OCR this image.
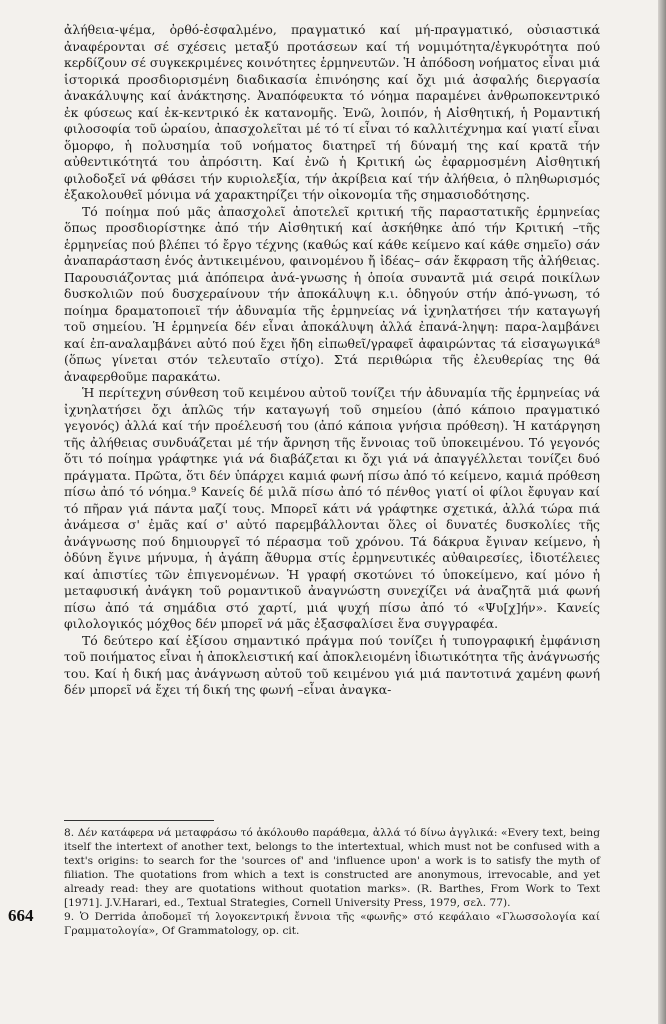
ἀλήθεια-ψέμα, ὀρθό-ἐσφαλμένο, πραγματικό καί μή-πραγματικό, οὐσιαστικά ἀναφέρονται σέ σχέσεις μεταξύ προτάσεων καί τή νομιμότητα/ἐγκυρότητα πού κερδίζουν σέ συγκεκριμένες κοινότητες ἑρμηνευτῶν. Ἡ ἀπόδοση νοήματος εἶναι μιά ἱστορικά προσδιορισμένη διαδικασία ἐπινόησης καί ὄχι μιά ἀσφαλής διεργασία ἀνακάλυψης καί ἀνάκτησης. Ἀναπόφευκτα τό νόημα παραμένει ἀνθρωποκεντρικό ἐκ φύσεως καί ἐκ-κεντρικό ἐκ κατανομῆς. Ἐνῶ, λοιπόν, ἡ Αἰσθητική, ἡ Ρομαντική φιλοσοφία τοῦ ὡραίου, ἀπασχολεῖται μέ τό τί εἶναι τό καλλιτέχνημα καί γιατί εἶναι ὅμορφο, ἡ πολυσημία τοῦ νοήματος διατηρεῖ τή δύναμή της καί κρατᾶ τήν αὐθεντικότητά του ἀπρόσιτη. Καί ἐνῶ ἡ Κριτική ὡς ἐφαρμοσμένη Αἰσθητική φιλοδοξεῖ νά φθάσει τήν κυριολεξία, τήν ἀκρίβεια καί τήν ἀλήθεια, ὁ πληθωρισμός ἐξακολουθεῖ μόνιμα νά χαρακτηρίζει τήν οἰκονομία τῆς σημασιοδότησης.

Τό ποίημα πού μᾶς ἀπασχολεῖ ἀποτελεῖ κριτική τῆς παραστατικῆς ἑρμηνείας ὅπως προσδιορίστηκε ἀπό τήν Αἰσθητική καί ἀσκήθηκε ἀπό τήν Κριτική –τῆς ἑρμηνείας πού βλέπει τό ἔργο τέχνης (καθώς καί κάθε κείμενο καί κάθε σημεῖο) σάν ἀναπαράσταση ἑνός ἀντικειμένου, φαινομένου ἤ ἰδέας– σάν ἔκφραση τῆς ἀλήθειας. Παρουσιάζοντας μιά ἀπόπειρα ἀνά-γνωσης ἡ ὁποία συναντᾶ μιά σειρά ποικίλων δυσκολιῶν πού δυσχεραίνουν τήν ἀποκάλυψη κ.ι. ὁδηγούν στήν ἀπό-γνωση, τό ποίημα δραματοποιεῖ τήν ἀδυναμία τῆς ἑρμηνείας νά ἰχνηλατήσει τήν καταγωγή τοῦ σημείου. Ἡ ἑρμηνεία δέν εἶναι ἀποκάλυψη ἀλλά ἐπανά-ληψη: παρα-λαμβάνει καί ἐπ-αναλαμβάνει αὐτό πού ἔχει ἤδη εἰπωθεῖ/γραφεῖ ἀφαιρώντας τά εἰσαγωγικά⁸ (ὅπως γίνεται στόν τελευταῖο στίχο). Στά περιθώρια τῆς ἐλευθερίας της θά ἀναφερθοῦμε παρακάτω.

Ἡ περίτεχνη σύνθεση τοῦ κειμένου αὐτοῦ τονίζει τήν ἀδυναμία τῆς ἑρμηνείας νά ἰχνηλατήσει ὄχι ἁπλῶς τήν καταγωγή τοῦ σημείου (ἀπό κάποιο πραγματικό γεγονός) ἀλλά καί τήν προέλευσή του (ἀπό κάποια γνήσια πρόθεση). Ἡ κατάργηση τῆς ἀλήθειας συνδυάζεται μέ τήν ἄρνηση τῆς ἔννοιας τοῦ ὑποκειμένου. Τό γεγονός ὅτι τό ποίημα γράφτηκε γιά νά διαβάζεται κι ὄχι γιά νά ἀπαγγέλλεται τονίζει δυό πράγματα. Πρῶτα, ὅτι δέν ὑπάρχει καμιά φωνή πίσω ἀπό τό κείμενο, καμιά πρόθεση πίσω ἀπό τό νόημα.⁹ Κανείς δέ μιλᾶ πίσω ἀπό τό πένθος γιατί οἱ φίλοι ἔφυγαν καί τό πῆραν γιά πάντα μαζί τους. Μπορεῖ κάτι νά γράφτηκε σχετικά, ἀλλά τώρα πιά ἀνάμεσα σ' ἐμᾶς καί σ' αὐτό παρεμβάλλονται ὅλες οἱ δυνατές δυσκολίες τῆς ἀνάγνωσης πού δημιουργεῖ τό πέρασμα τοῦ χρόνου. Τά δάκρυα ἔγιναν κείμενο, ἡ ὀδύνη ἔγινε μήνυμα, ἡ ἀγάπη ἄθυρμα στίς ἑρμηνευτικές αὐθαιρεσίες, ἰδιοτέλειες καί ἀπιστίες τῶν ἐπιγενομένων. Ἡ γραφή σκοτώνει τό ὑποκείμενο, καί μόνο ἡ μεταφυσική ἀνάγκη τοῦ ρομαντικοῦ ἀναγνώστη συνεχίζει νά ἀναζητᾶ μιά φωνή πίσω ἀπό τά σημάδια στό χαρτί, μιά ψυχή πίσω ἀπό τό «Ψυ[χ]ήν». Κανείς φιλολογικός μόχθος δέν μπορεῖ νά μᾶς ἐξασφαλίσει ἕνα συγγραφέα.

Τό δεύτερο καί ἐξίσου σημαντικό πράγμα πού τονίζει ἡ τυπογραφική ἐμφάνιση τοῦ ποιήματος εἶναι ἡ ἀποκλειστική καί ἀποκλειομένη ἰδιωτικότητα τῆς ἀνάγνωσής του. Καί ἡ δική μας ἀνάγνωση αὐτοῦ τοῦ κειμένου γιά μιά παντοτινά χαμένη φωνή δέν μπορεῖ νά ἔχει τή δική της φωνή –εἶναι ἀναγκα-

8. Δέν κατάφερα νά μεταφράσω τό ἀκόλουθο παράθεμα, ἀλλά τό δίνω ἀγγλικά: «Every text, being itself the intertext of another text, belongs to the intertextual, which must not be confused with a text's origins: to search for the 'sources of' and 'influence upon' a work is to satisfy the myth of filiation. The quotations from which a text is constructed are anonymous, irrevocable, and yet already read: they are quotations without quotation marks». (R. Barthes, From Work to Text [1971]. J.V.Harari, ed., Textual Strategies, Cornell University Press, 1979, σελ. 77).

9. Ὁ Derrida ἀποδομεῖ τή λογοκεντρική ἔννοια τῆς «φωνῆς» στό κεφάλαιο «Γλωσσολογία καί Γραμματολογία», Of Grammatology, op. cit.

664
